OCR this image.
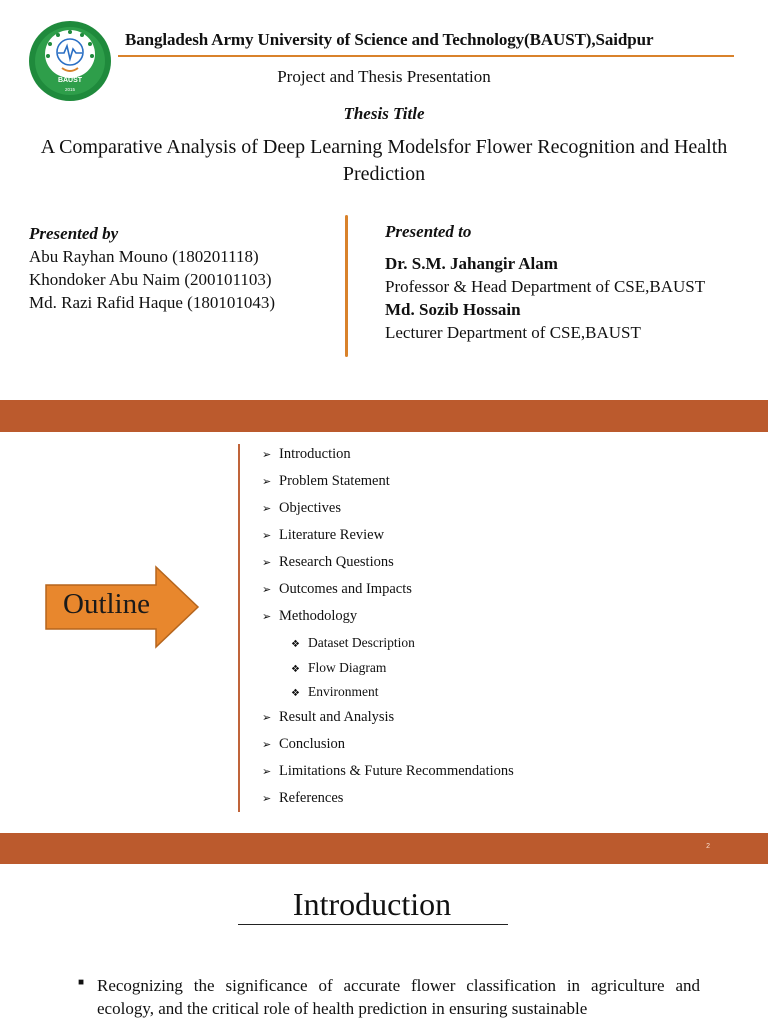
BAUST
2015
Bangladesh Army University of Science and Technology(BAUST),Saidpur
Project and Thesis Presentation
Thesis Title
A Comparative Analysis of Deep Learning Modelsfor Flower Recognition and Health Prediction
Presented by
Abu Rayhan Mouno (180201118)
Khondoker Abu Naim (200101103)
Md. Razi Rafid Haque (180101043)
Presented to
Dr. S.M. Jahangir Alam
Professor & Head Department of CSE,BAUST
Md. Sozib Hossain
Lecturer Department of CSE,BAUST
Outline
➢ Introduction
➢ Problem Statement
➢ Objectives
➢ Literature Review
➢ Research Questions
➢ Outcomes and Impacts
➢ Methodology
❖ Dataset Description
❖ Flow Diagram
❖ Environment
➢ Result and Analysis
➢ Conclusion
➢ Limitations & Future Recommendations
➢ References
2
Introduction
■ Recognizing the significance of accurate flower classification in agriculture and ecology, and the critical role of health prediction in ensuring sustainable
